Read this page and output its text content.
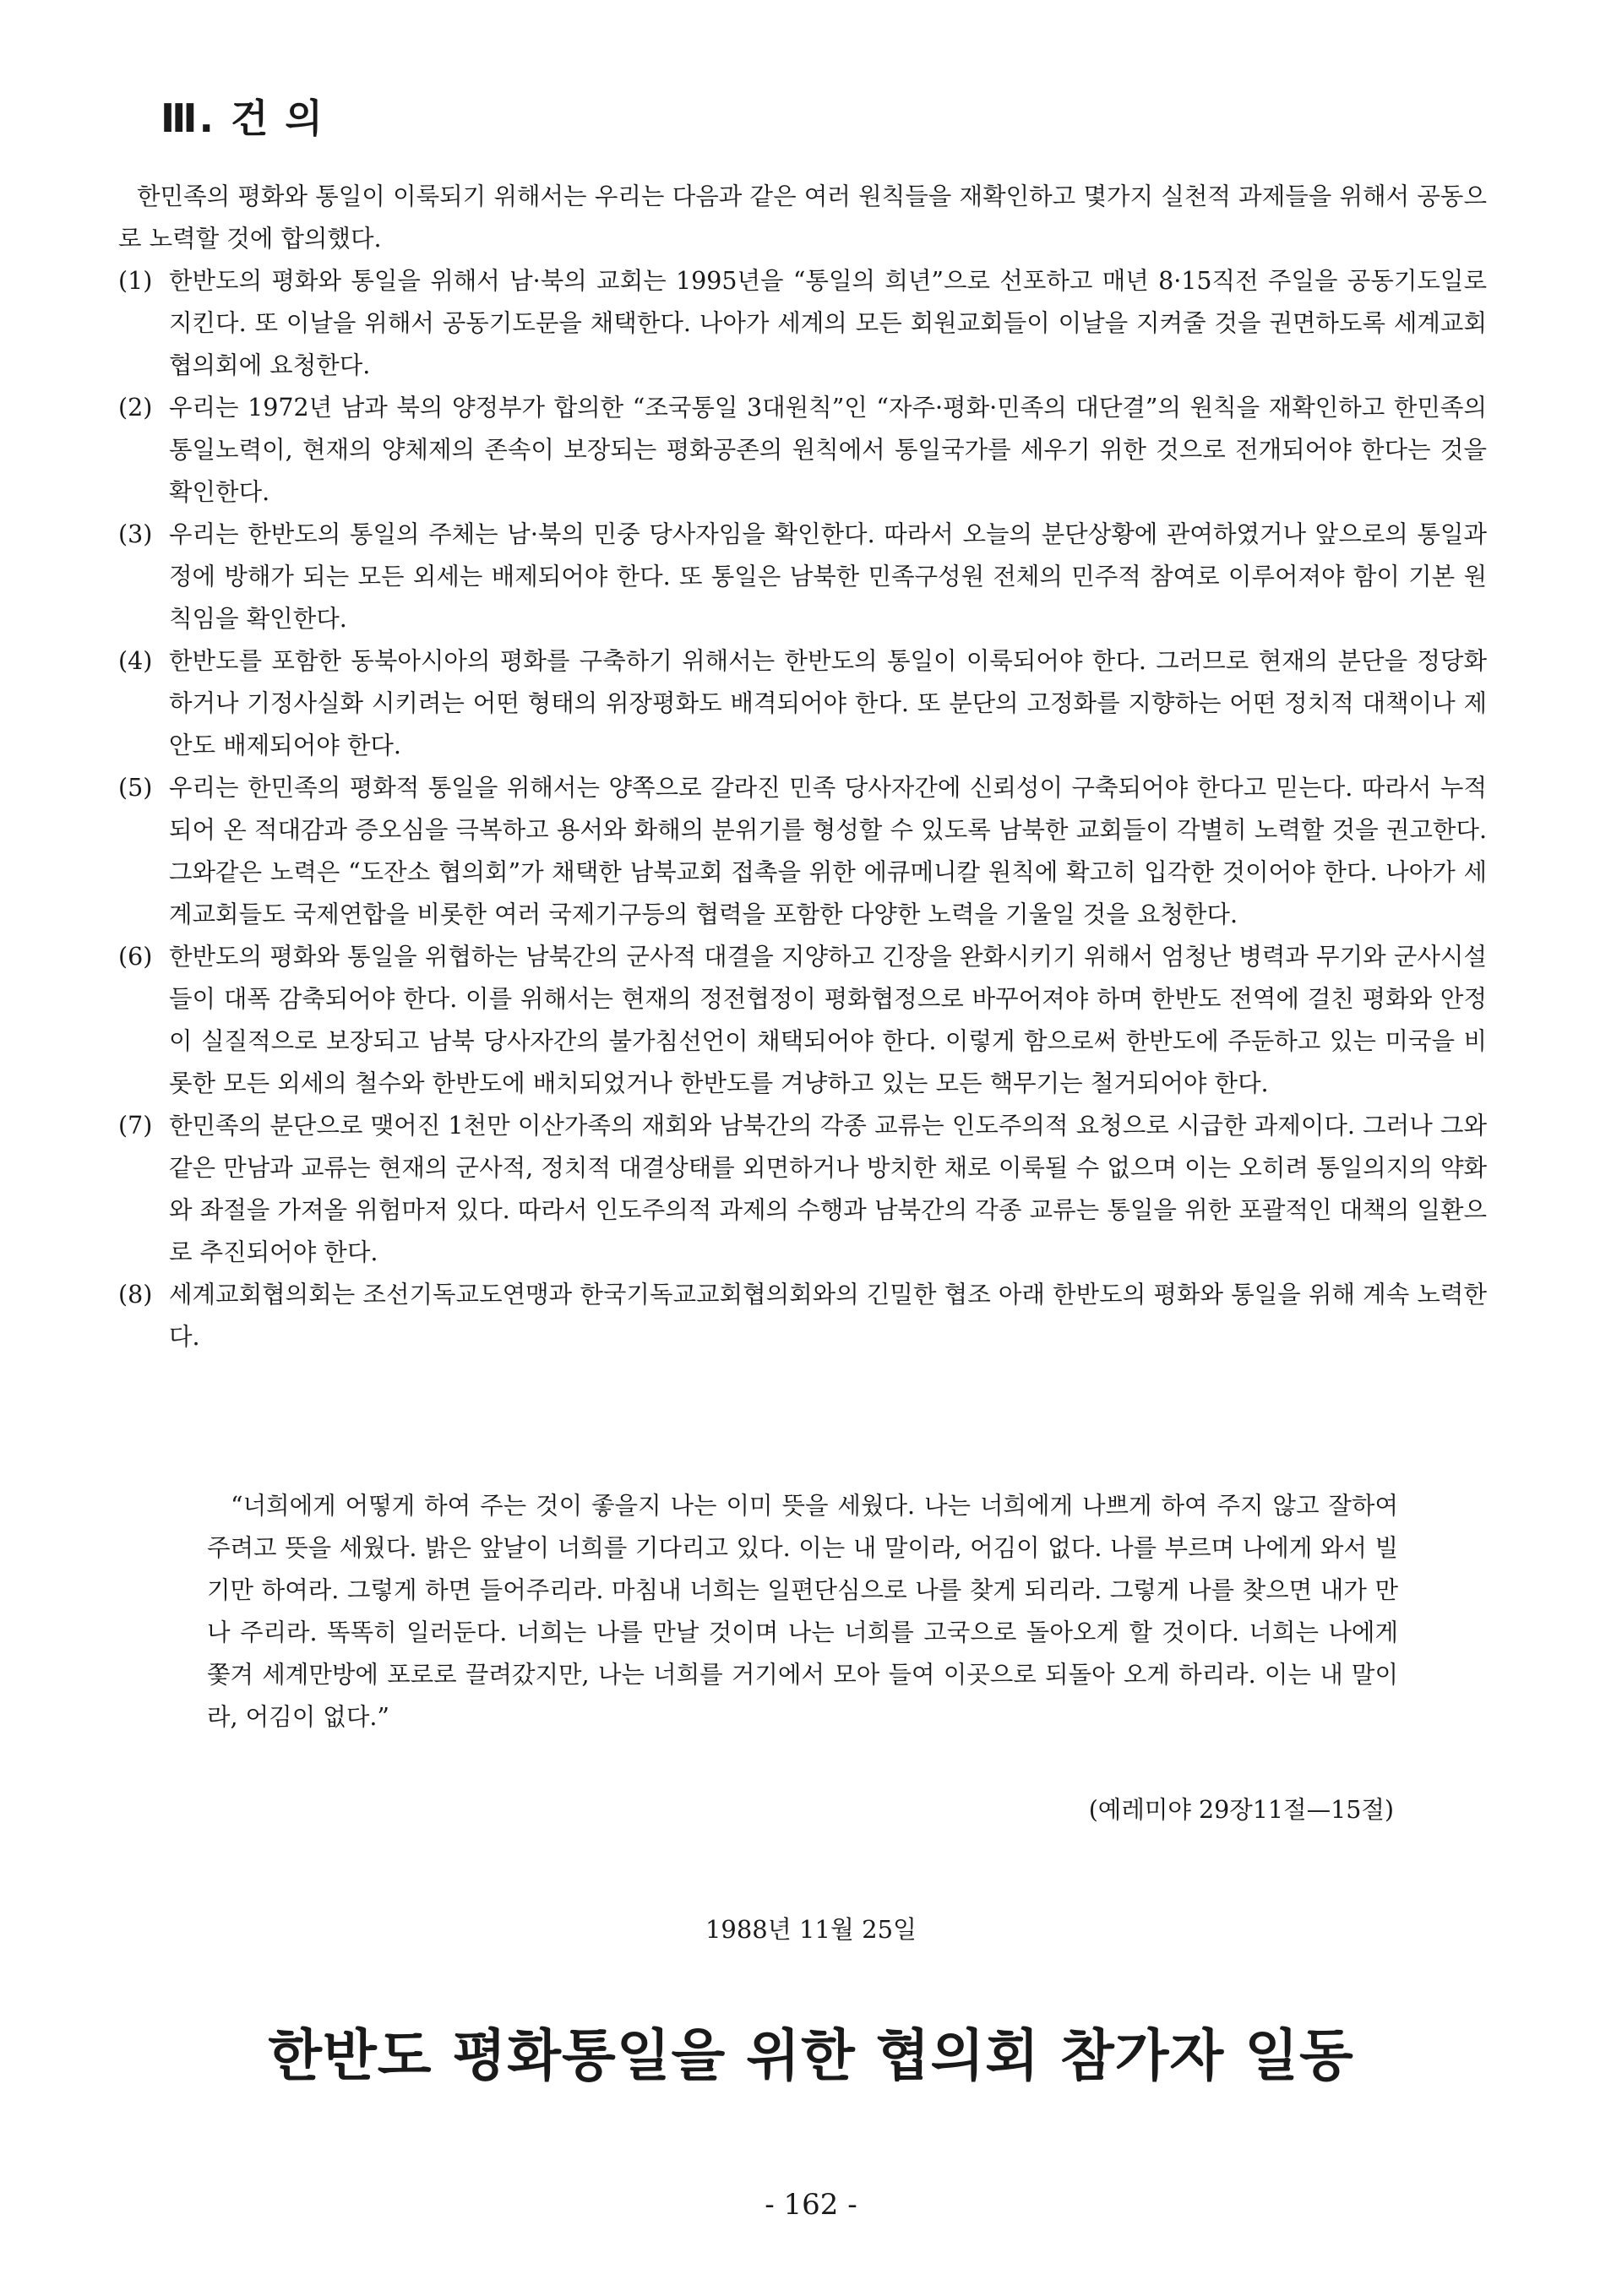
Ⅲ. 건 의

한민족의 평화와 통일이 이룩되기 위해서는 우리는 다음과 같은 여러 원칙들을 재확인하고 몇가지 실천적 과제들을 위해서 공동으로 노력할 것에 합의했다.

(1) 한반도의 평화와 통일을 위해서 남·북의 교회는 1995년을 “통일의 희년”으로 선포하고 매년 8·15직전 주일을 공동기도일로 지킨다. 또 이날을 위해서 공동기도문을 채택한다. 나아가 세계의 모든 회원교회들이 이날을 지켜줄 것을 권면하도록 세계교회협의회에 요청한다.
(2) 우리는 1972년 남과 북의 양정부가 합의한 “조국통일 3대원칙”인 “자주·평화·민족의 대단결”의 원칙을 재확인하고 한민족의 통일노력이, 현재의 양체제의 존속이 보장되는 평화공존의 원칙에서 통일국가를 세우기 위한 것으로 전개되어야 한다는 것을 확인한다.
(3) 우리는 한반도의 통일의 주체는 남·북의 민중 당사자임을 확인한다. 따라서 오늘의 분단상황에 관여하였거나 앞으로의 통일과정에 방해가 되는 모든 외세는 배제되어야 한다. 또 통일은 남북한 민족구성원 전체의 민주적 참여로 이루어져야 함이 기본 원칙임을 확인한다.
(4) 한반도를 포함한 동북아시아의 평화를 구축하기 위해서는 한반도의 통일이 이룩되어야 한다. 그러므로 현재의 분단을 정당화 하거나 기정사실화 시키려는 어떤 형태의 위장평화도 배격되어야 한다. 또 분단의 고정화를 지향하는 어떤 정치적 대책이나 제안도 배제되어야 한다.
(5) 우리는 한민족의 평화적 통일을 위해서는 양쪽으로 갈라진 민족 당사자간에 신뢰성이 구축되어야 한다고 믿는다. 따라서 누적되어 온 적대감과 증오심을 극복하고 용서와 화해의 분위기를 형성할 수 있도록 남북한 교회들이 각별히 노력할 것을 권고한다. 그와같은 노력은 “도잔소 협의회”가 채택한 남북교회 접촉을 위한 에큐메니칼 원칙에 확고히 입각한 것이어야 한다. 나아가 세계교회들도 국제연합을 비롯한 여러 국제기구등의 협력을 포함한 다양한 노력을 기울일 것을 요청한다.
(6) 한반도의 평화와 통일을 위협하는 남북간의 군사적 대결을 지양하고 긴장을 완화시키기 위해서 엄청난 병력과 무기와 군사시설들이 대폭 감축되어야 한다. 이를 위해서는 현재의 정전협정이 평화협정으로 바꾸어져야 하며 한반도 전역에 걸친 평화와 안정이 실질적으로 보장되고 남북 당사자간의 불가침선언이 채택되어야 한다. 이렇게 함으로써 한반도에 주둔하고 있는 미국을 비롯한 모든 외세의 철수와 한반도에 배치되었거나 한반도를 겨냥하고 있는 모든 핵무기는 철거되어야 한다.
(7) 한민족의 분단으로 맺어진 1천만 이산가족의 재회와 남북간의 각종 교류는 인도주의적 요청으로 시급한 과제이다. 그러나 그와같은 만남과 교류는 현재의 군사적, 정치적 대결상태를 외면하거나 방치한 채로 이룩될 수 없으며 이는 오히려 통일의지의 약화와 좌절을 가져올 위험마저 있다. 따라서 인도주의적 과제의 수행과 남북간의 각종 교류는 통일을 위한 포괄적인 대책의 일환으로 추진되어야 한다.
(8) 세계교회협의회는 조선기독교도연맹과 한국기독교교회협의회와의 긴밀한 협조 아래 한반도의 평화와 통일을 위해 계속 노력한다.

“너희에게 어떻게 하여 주는 것이 좋을지 나는 이미 뜻을 세웠다. 나는 너희에게 나쁘게 하여 주지 않고 잘하여 주려고 뜻을 세웠다. 밝은 앞날이 너희를 기다리고 있다. 이는 내 말이라, 어김이 없다. 나를 부르며 나에게 와서 빌기만 하여라. 그렇게 하면 들어주리라. 마침내 너희는 일편단심으로 나를 찾게 되리라. 그렇게 나를 찾으면 내가 만나 주리라. 똑똑히 일러둔다. 너희는 나를 만날 것이며 나는 너희를 고국으로 돌아오게 할 것이다. 너희는 나에게 쫓겨 세계만방에 포로로 끌려갔지만, 나는 너희를 거기에서 모아 들여 이곳으로 되돌아 오게 하리라. 이는 내 말이라, 어김이 없다.”

(예레미야 29장11절—15절)

1988년 11월 25일

한반도 평화통일을 위한 협의회 참가자 일동

- 162 -
